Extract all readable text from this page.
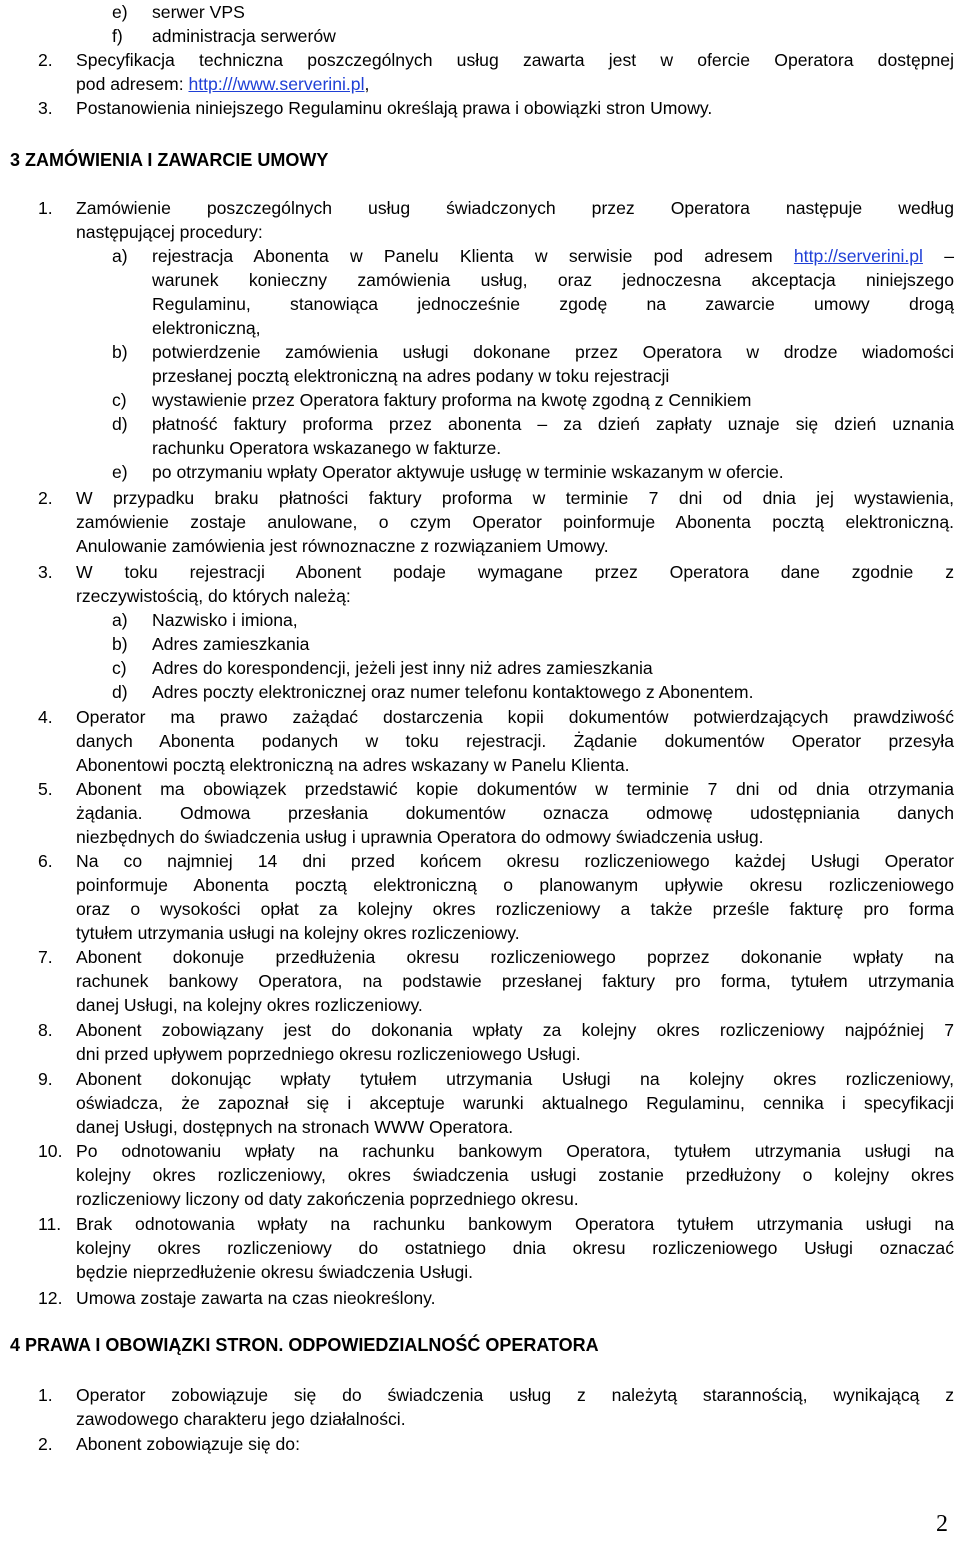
e) serwer VPS
f) administracja serwerów
2. Specyfikacja techniczna poszczególnych usług zawarta jest w ofercie Operatora dostępnej
pod adresem: http:///www.serverini.pl,
3. Postanowienia niniejszego Regulaminu określają prawa i obowiązki stron Umowy.
3 ZAMÓWIENIA I ZAWARCIE UMOWY
1. Zamówienie poszczególnych usług świadczonych przez Operatora następuje według
następującej procedury:
a) rejestracja Abonenta w Panelu Klienta w serwisie pod adresem http://serverini.pl –
warunek konieczny zamówienia usług, oraz jednoczesna akceptacja niniejszego
Regulaminu, stanowiąca jednocześnie zgodę na zawarcie umowy drogą
elektroniczną,
b) potwierdzenie zamówienia usługi dokonane przez Operatora w drodze wiadomości
przesłanej pocztą elektroniczną na adres podany w toku rejestracji
c) wystawienie przez Operatora faktury proforma na kwotę zgodną z Cennikiem
d) płatność faktury proforma przez abonenta – za dzień zapłaty uznaje się dzień uznania
rachunku Operatora wskazanego w fakturze.
e) po otrzymaniu wpłaty Operator aktywuje usługę w terminie wskazanym w ofercie.
2. W przypadku braku płatności faktury proforma w terminie 7 dni od dnia jej wystawienia,
zamówienie zostaje anulowane, o czym Operator poinformuje Abonenta pocztą elektroniczną.
Anulowanie zamówienia jest równoznaczne z rozwiązaniem Umowy.
3. W toku rejestracji Abonent podaje wymagane przez Operatora dane zgodnie z
rzeczywistością, do których należą:
a) Nazwisko i imiona,
b) Adres zamieszkania
c) Adres do korespondencji, jeżeli jest inny niż adres zamieszkania
d) Adres poczty elektronicznej oraz numer telefonu kontaktowego z Abonentem.
4. Operator ma prawo zażądać dostarczenia kopii dokumentów potwierdzających prawdziwość
danych Abonenta podanych w toku rejestracji. Żądanie dokumentów Operator przesyła
Abonentowi pocztą elektroniczną na adres wskazany w Panelu Klienta.
5. Abonent ma obowiązek przedstawić kopie dokumentów w terminie 7 dni od dnia otrzymania
żądania. Odmowa przesłania dokumentów oznacza odmowę udostępniania danych
niezbędnych do świadczenia usług i uprawnia Operatora do odmowy świadczenia usług.
6. Na co najmniej 14 dni przed końcem okresu rozliczeniowego każdej Usługi Operator
poinformuje Abonenta pocztą elektroniczną o planowanym upływie okresu rozliczeniowego
oraz o wysokości opłat za kolejny okres rozliczeniowy a także prześle fakturę pro forma
tytułem utrzymania usługi na kolejny okres rozliczeniowy.
7. Abonent dokonuje przedłużenia okresu rozliczeniowego poprzez dokonanie wpłaty na
rachunek bankowy Operatora, na podstawie przesłanej faktury pro forma, tytułem utrzymania
danej Usługi, na kolejny okres rozliczeniowy.
8. Abonent zobowiązany jest do dokonania wpłaty za kolejny okres rozliczeniowy najpóźniej 7
dni przed upływem poprzedniego okresu rozliczeniowego Usługi.
9. Abonent dokonując wpłaty tytułem utrzymania Usługi na kolejny okres rozliczeniowy,
oświadcza, że zapoznał się i akceptuje warunki aktualnego Regulaminu, cennika i specyfikacji
danej Usługi, dostępnych na stronach WWW Operatora.
10. Po odnotowaniu wpłaty na rachunku bankowym Operatora, tytułem utrzymania usługi na
kolejny okres rozliczeniowy, okres świadczenia usługi zostanie przedłużony o kolejny okres
rozliczeniowy liczony od daty zakończenia poprzedniego okresu.
11. Brak odnotowania wpłaty na rachunku bankowym Operatora tytułem utrzymania usługi na
kolejny okres rozliczeniowy do ostatniego dnia okresu rozliczeniowego Usługi oznaczać
będzie nieprzedłużenie okresu świadczenia Usługi.
12. Umowa zostaje zawarta na czas nieokreślony.
4 PRAWA I OBOWIĄZKI STRON. ODPOWIEDZIALNOŚĆ OPERATORA
1. Operator zobowiązuje się do świadczenia usług z należytą starannością, wynikającą z
zawodowego charakteru jego działalności.
2. Abonent zobowiązuje się do:
2
